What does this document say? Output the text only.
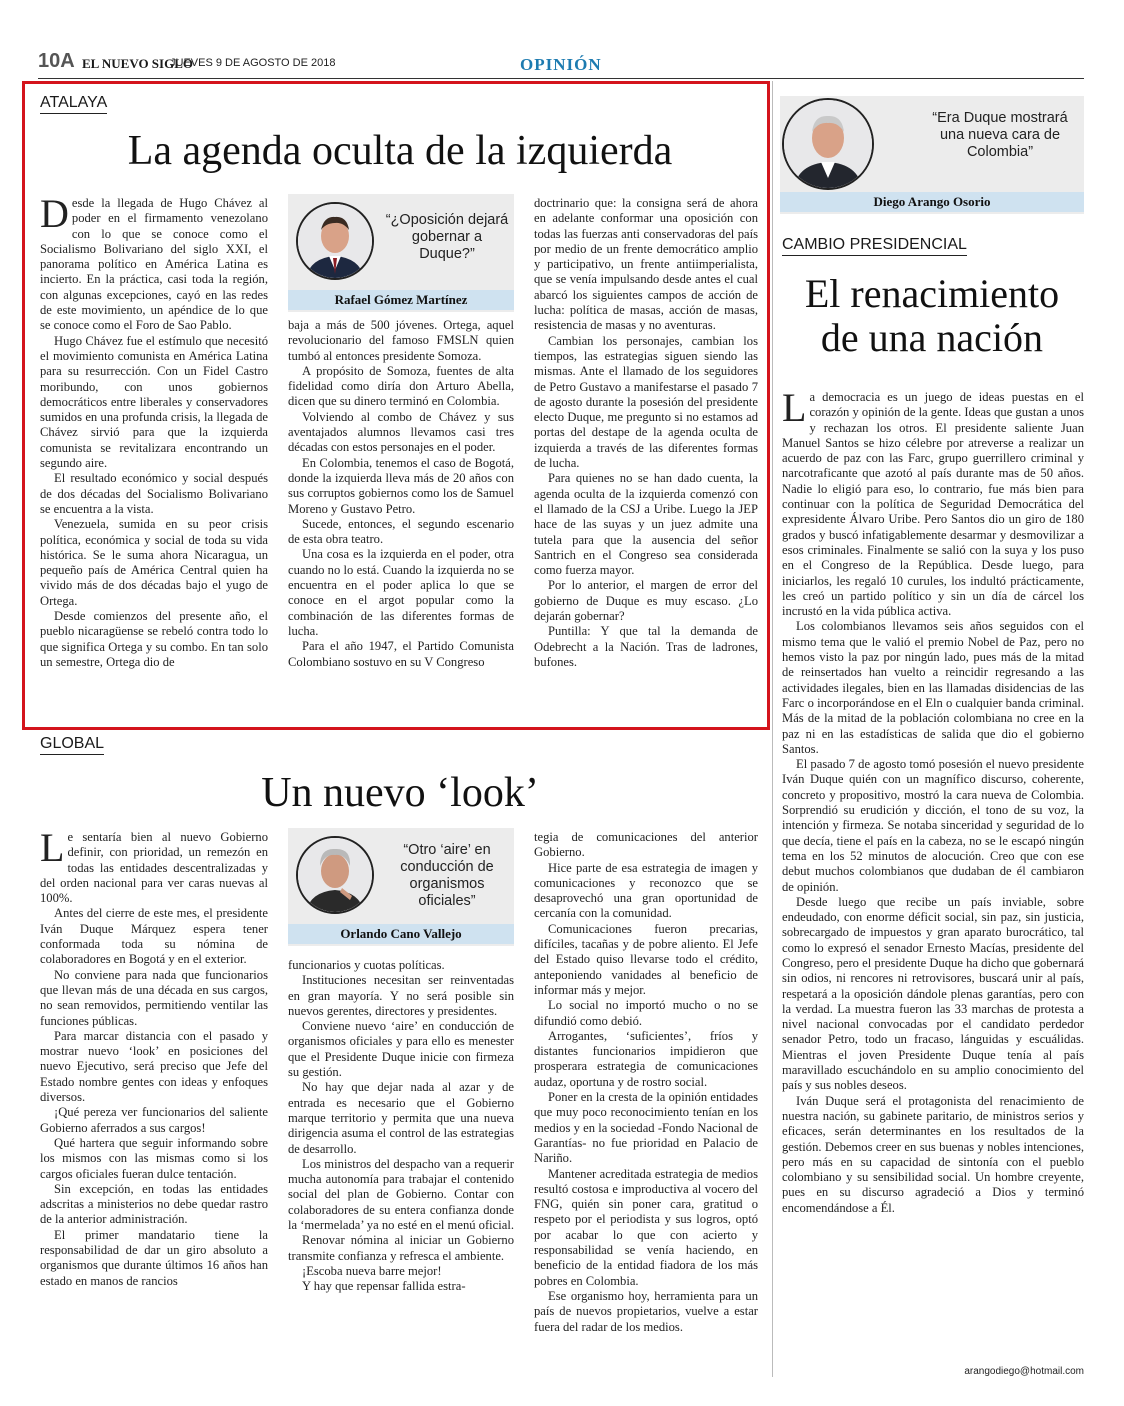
10A EL NUEVO SIGLO
JUEVES 9 DE AGOSTO DE 2018	OPINIÓN
ATALAYA
La agenda oculta de la izquierda

Desde la llegada de Hugo Chávez al poder en el firmamento venezolano con lo que se conoce como el Socialismo Bolivariano del siglo XXI, el panorama político en América Latina es incierto. En la práctica, casi toda la región, con algunas excepciones, cayó en las redes de este movimiento, un apéndice de lo que se conoce como el Foro de Sao Pablo.

Hugo Chávez fue el estímulo que necesitó el movimiento comunista en América Latina para su resurrección. Con un Fidel Castro moribundo, con unos gobiernos democráticos entre liberales y conservadores sumidos en una profunda crisis, la llegada de Chávez sirvió para que la izquierda comunista se revitalizara encontrando un segundo aire.

El resultado económico y social después de dos décadas del Socialismo Bolivariano se encuentra a la vista.

Venezuela, sumida en su peor crisis política, económica y social de toda su vida histórica. Se le suma ahora Nicaragua, un pequeño país de América Central quien ha vivido más de dos décadas bajo el yugo de Ortega.

Desde comienzos del presente año, el pueblo nicaragüense se rebeló contra todo lo que significa Ortega y su combo. En tan solo un semestre, Ortega dio de

“¿Oposición dejará gobernar a Duque?”
Rafael Gómez Martínez

baja a más de 500 jóvenes. Ortega, aquel revolucionario del famoso FMSLN quien tumbó al entonces presidente Somoza.

A propósito de Somoza, fuentes de alta fidelidad como diría don Arturo Abella, dicen que su dinero terminó en Colombia.

Volviendo al combo de Chávez y sus aventajados alumnos llevamos casi tres décadas con estos personajes en el poder.

En Colombia, tenemos el caso de Bogotá, donde la izquierda lleva más de 20 años con sus corruptos gobiernos como los de Samuel Moreno y Gustavo Petro.

Sucede, entonces, el segundo escenario de esta obra teatro.

Una cosa es la izquierda en el poder, otra cuando no lo está. Cuando la izquierda no se encuentra en el poder aplica lo que se conoce en el argot popular como la combinación de las diferentes formas de lucha.

Para el año 1947, el Partido Comunista Colombiano sostuvo en su V Congreso

doctrinario que: la consigna será de ahora en adelante conformar una oposición con todas las fuerzas anti conservadoras del país por medio de un frente democrático amplio y participativo, un frente antiimperialista, que se venía impulsando desde antes el cual abarcó los siguientes campos de acción de lucha: política de masas, acción de masas, resistencia de masas y no aventuras.

Cambian los personajes, cambian los tiempos, las estrategias siguen siendo las mismas. Ante el llamado de los seguidores de Petro Gustavo a manifestarse el pasado 7 de agosto durante la posesión del presidente electo Duque, me pregunto si no estamos ad portas del destape de la agenda oculta de izquierda a través de las diferentes formas de lucha.

Para quienes no se han dado cuenta, la agenda oculta de la izquierda comenzó con el llamado de la CSJ a Uribe. Luego la JEP hace de las suyas y un juez admite una tutela para que la ausencia del señor Santrich en el Congreso sea considerada como fuerza mayor.

Por lo anterior, el margen de error del gobierno de Duque es muy escaso. ¿Lo dejarán gobernar?

Puntilla: Y que tal la demanda de Odebrecht a la Nación. Tras de ladrones, bufones.

GLOBAL
Un nuevo ‘look’

Le sentaría bien al nuevo Gobierno definir, con prioridad, un remezón en todas las entidades descentralizadas y del orden nacional para ver caras nuevas al 100%.

Antes del cierre de este mes, el presidente Iván Duque Márquez espera tener conformada toda su nómina de colaboradores en Bogotá y en el exterior.

No conviene para nada que funcionarios que llevan más de una década en sus cargos, no sean removidos, permitiendo ventilar las funciones públicas.

Para marcar distancia con el pasado y mostrar nuevo ‘look’ en posiciones del nuevo Ejecutivo, será preciso que Jefe del Estado nombre gentes con ideas y enfoques diversos.

¡Qué pereza ver funcionarios del saliente Gobierno aferrados a sus cargos!

Qué hartera que seguir informando sobre los mismos con las mismas como si los cargos oficiales fueran dulce tentación.

Sin excepción, en todas las entidades adscritas a ministerios no debe quedar rastro de la anterior administración.

El primer mandatario tiene la responsabilidad de dar un giro absoluto a organismos que durante últimos 16 años han estado en manos de rancios

“Otro ‘aire’ en conducción de organismos oficiales”
Orlando Cano Vallejo

funcionarios y cuotas políticas.

Instituciones necesitan ser reinventadas en gran mayoría. Y no será posible sin nuevos gerentes, directores y presidentes.

Conviene nuevo ‘aire’ en conducción de organismos oficiales y para ello es menester que el Presidente Duque inicie con firmeza su gestión.

No hay que dejar nada al azar y de entrada es necesario que el Gobierno marque territorio y permita que una nueva dirigencia asuma el control de las estrategias de desarrollo.

Los ministros del despacho van a requerir mucha autonomía para trabajar el contenido social del plan de Gobierno. Contar con colaboradores de su entera confianza donde la ‘mermelada’ ya no esté en el menú oficial.

Renovar nómina al iniciar un Gobierno transmite confianza y refresca el ambiente.

¡Escoba nueva barre mejor!

Y hay que repensar fallida estra-

tegia de comunicaciones del anterior Gobierno.

Hice parte de esa estrategia de imagen y comunicaciones y reconozco que se desaprovechó una gran oportunidad de cercanía con la comunidad.

Comunicaciones fueron precarias, difíciles, tacañas y de pobre aliento. El Jefe del Estado quiso llevarse todo el crédito, anteponiendo vanidades al beneficio de informar más y mejor.

Lo social no importó mucho o no se difundió como debió.

Arrogantes, ‘suficientes’, fríos y distantes funcionarios impidieron que prosperara estrategia de comunicaciones audaz, oportuna y de rostro social.

Poner en la cresta de la opinión entidades que muy poco reconocimiento tenían en los medios y en la sociedad -Fondo Nacional de Garantías- no fue prioridad en Palacio de Nariño.

Mantener acreditada estrategia de medios resultó costosa e improductiva al vocero del FNG, quién sin poner cara, gratitud o respeto por el periodista y sus logros, optó por acabar lo que con acierto y responsabilidad se venía haciendo, en beneficio de la entidad fiadora de los más pobres en Colombia.

Ese organismo hoy, herramienta para un país de nuevos propietarios, vuelve a estar fuera del radar de los medios.

“Era Duque mostrará una nueva cara de Colombia”
Diego Arango Osorio
CAMBIO PRESIDENCIAL
El renacimiento de una nación

La democracia es un juego de ideas puestas en el corazón y opinión de la gente. Ideas que gustan a unos y rechazan los otros. El presidente saliente Juan Manuel Santos se hizo célebre por atreverse a realizar un acuerdo de paz con las Farc, grupo guerrillero criminal y narcotraficante que azotó al país durante mas de 50 años. Nadie lo eligió para eso, lo contrario, fue más bien para continuar con la política de Seguridad Democrática del expresidente Álvaro Uribe. Pero Santos dio un giro de 180 grados y buscó infatigablemente desarmar y desmovilizar a esos criminales. Finalmente se salió con la suya y los puso en el Congreso de la República. Desde luego, para iniciarlos, les regaló 10 curules, los indultó prácticamente, les creó un partido político y sin un día de cárcel los incrustó en la vida pública activa.

Los colombianos llevamos seis años seguidos con el mismo tema que le valió el premio Nobel de Paz, pero no hemos visto la paz por ningún lado, pues más de la mitad de reinsertados han vuelto a reincidir regresando a las actividades ilegales, bien en las llamadas disidencias de las Farc o incorporándose en el Eln o cualquier banda criminal. Más de la mitad de la población colombiana no cree en la paz ni en las estadísticas de salida que dio el gobierno Santos.

El pasado 7 de agosto tomó posesión el nuevo presidente Iván Duque quién con un magnífico discurso, coherente, concreto y propositivo, mostró la cara nueva de Colombia. Sorprendió su erudición y dicción, el tono de su voz, la intención y firmeza. Se notaba sinceridad y seguridad de lo que decía, tiene el país en la cabeza, no se le escapó ningún tema en los 52 minutos de alocución. Creo que con ese debut muchos colombianos que dudaban de él cambiaron de opinión.

Desde luego que recibe un país inviable, sobre endeudado, con enorme déficit social, sin paz, sin justicia, sobrecargado de impuestos y gran aparato burocrático, tal como lo expresó el senador Ernesto Macías, presidente del Congreso, pero el presidente Duque ha dicho que gobernará sin odios, ni rencores ni retrovisores, buscará unir al país, respetará a la oposición dándole plenas garantías, pero con la verdad. La muestra fueron las 33 marchas de protesta a nivel nacional convocadas por el candidato perdedor senador Petro, todo un fracaso, lánguidas y escuálidas. Mientras el joven Presidente Duque tenía al país maravillado escuchándolo en su amplio conocimiento del país y sus nobles deseos.

Iván Duque será el protagonista del renacimiento de nuestra nación, su gabinete paritario, de ministros serios y eficaces, serán determinantes en los resultados de la gestión. Debemos creer en sus buenas y nobles intenciones, pero más en su capacidad de sintonía con el pueblo colombiano y su sensibilidad social. Un hombre creyente, pues en su discurso agradeció a Dios y terminó encomendándose a Él.

arangodiego@hotmail.com
